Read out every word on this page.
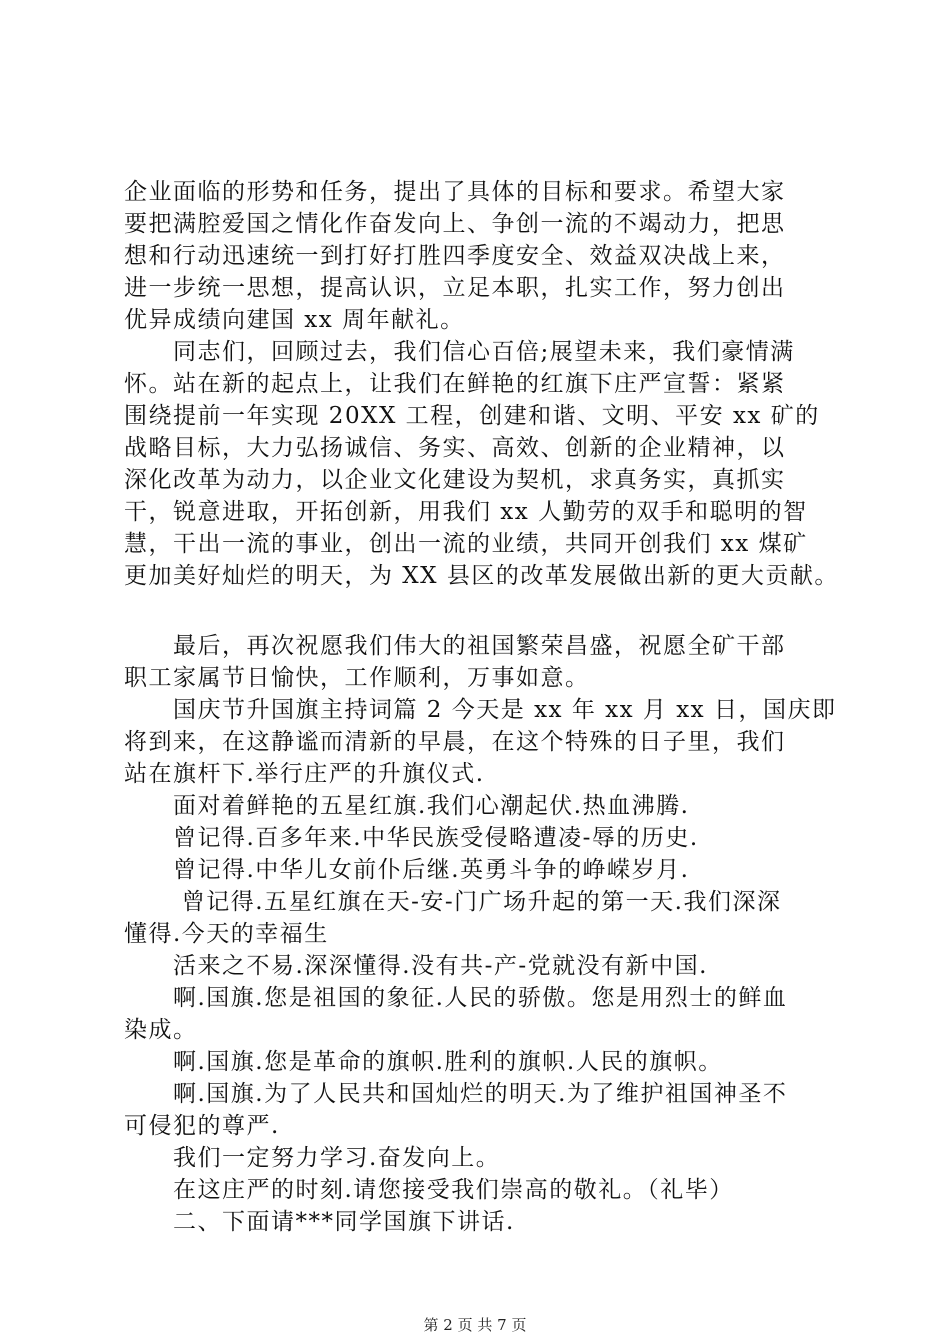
企业面临的形势和任务，提出了具体的目标和要求。希望大家
要把满腔爱国之情化作奋发向上、争创一流的不竭动力，把思
想和行动迅速统一到打好打胜四季度安全、效益双决战上来，
进一步统一思想，提高认识，立足本职，扎实工作，努力创出
优异成绩向建国 xx 周年献礼。
　　同志们，回顾过去，我们信心百倍;展望未来，我们豪情满
怀。站在新的起点上，让我们在鲜艳的红旗下庄严宣誓：紧紧
围绕提前一年实现 20XX 工程，创建和谐、文明、平安 xx 矿的
战略目标，大力弘扬诚信、务实、高效、创新的企业精神，以
深化改革为动力，以企业文化建设为契机，求真务实，真抓实
干，锐意进取，开拓创新，用我们 xx 人勤劳的双手和聪明的智
慧，干出一流的事业，创出一流的业绩，共同开创我们 xx 煤矿
更加美好灿烂的明天，为 XX 县区的改革发展做出新的更大贡献。
　　最后，再次祝愿我们伟大的祖国繁荣昌盛，祝愿全矿干部
职工家属节日愉快，工作顺利，万事如意。
　　国庆节升国旗主持词篇 2 今天是 xx 年 xx 月 xx 日，国庆即
将到来，在这静谧而清新的早晨，在这个特殊的日子里，我们
站在旗杆下.举行庄严的升旗仪式.
　　面对着鲜艳的五星红旗.我们心潮起伏.热血沸腾.
　　曾记得.百多年来.中华民族受侵略遭凌-辱的历史.
　　曾记得.中华儿女前仆后继.英勇斗争的峥嵘岁月.
　　 曾记得.五星红旗在天-安-门广场升起的第一天.我们深深
懂得.今天的幸福生
　　活来之不易.深深懂得.没有共-产-党就没有新中国.
　　啊.国旗.您是祖国的象征.人民的骄傲。您是用烈士的鲜血
染成。
　　啊.国旗.您是革命的旗帜.胜利的旗帜.人民的旗帜。
　　啊.国旗.为了人民共和国灿烂的明天.为了维护祖国神圣不
可侵犯的尊严.
　　我们一定努力学习.奋发向上。
　　在这庄严的时刻.请您接受我们崇高的敬礼。（礼毕）
　　二、下面请***同学国旗下讲话.
第 2 页 共 7 页
